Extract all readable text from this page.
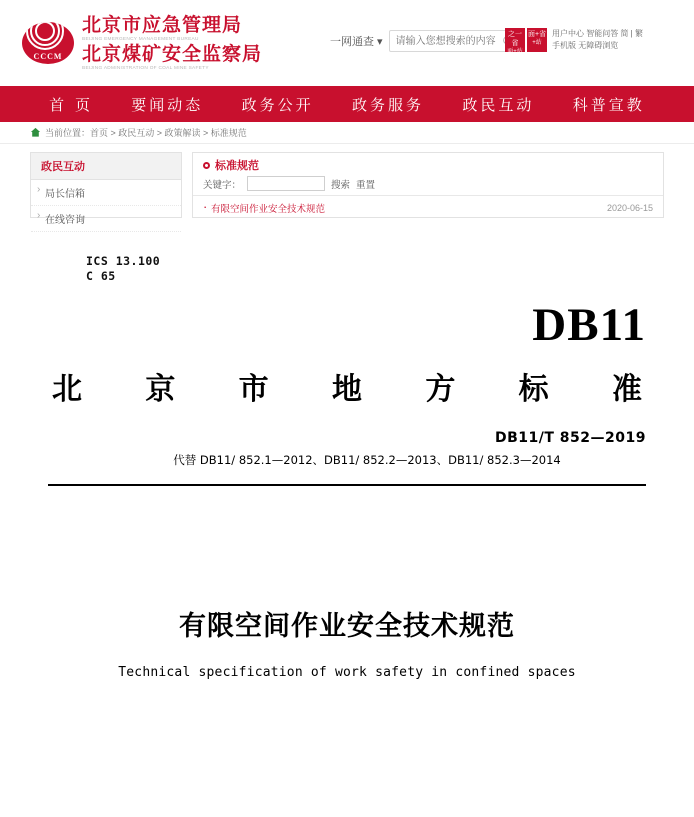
CCCM
北京市应急管理局
BEIJING EMERGENCY MANAGEMENT BUREAU
北京煤矿安全监察局
BEIJING ADMINISTRATION OF COAL MINE SAFETY
一网通查 ▾
请输入您想搜索的内容
之一省
面+站
面+省
+站
用户中心 智能问答 简 | 繁
手机版 无障碍浏览
首 页	要闻动态	政务公开	政务服务	政民互动	科普宣教
当前位置：首页 > 政民互动 > 政策解读 > 标准规范
政民互动
› 局长信箱
› 在线咨询
标准规范
关键字：	搜索 重置
· 有限空间作业安全技术规范	2020-06-15
ICS 13.100
C 65
DB11
北 京 市 地 方 标 准
DB11/T 852—2019
代替 DB11/ 852.1—2012、DB11/ 852.2—2013、DB11/ 852.3—2014
有限空间作业安全技术规范
Technical specification of work safety in confined spaces
